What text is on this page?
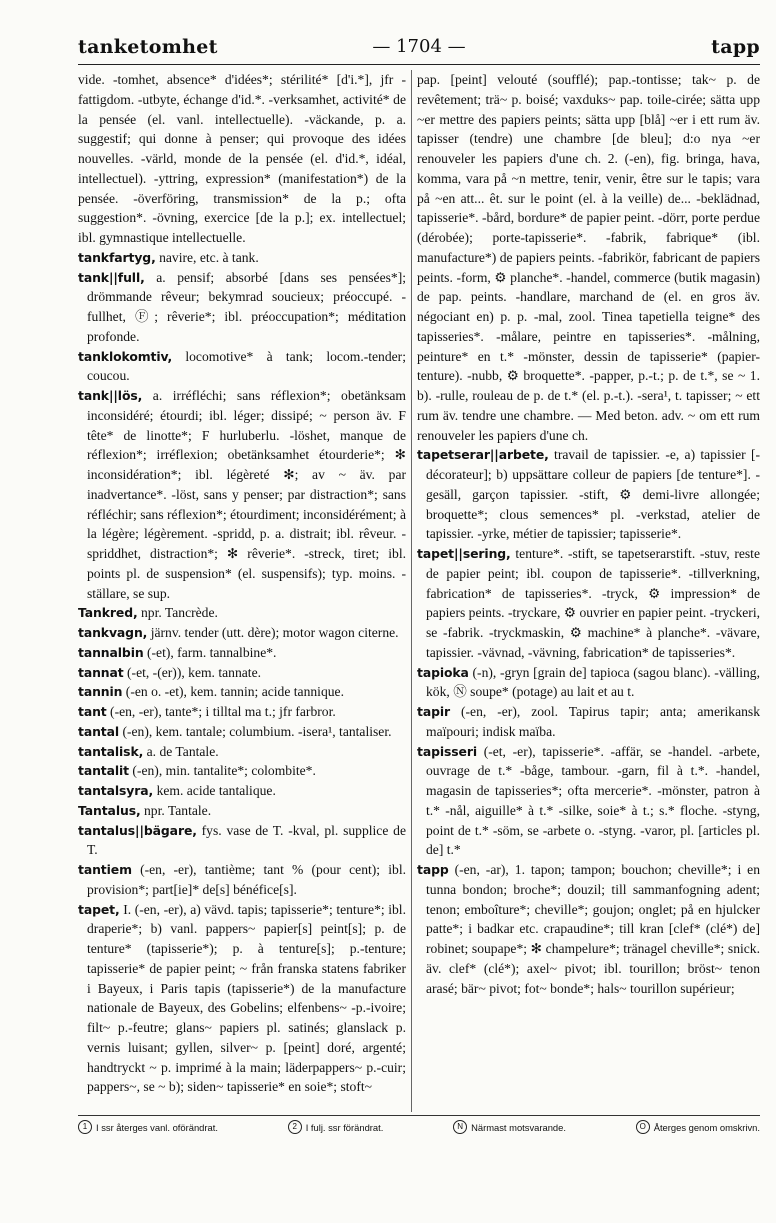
tanketomhet	— 1704 —	tapp

vide. -tomhet, absence* d'idées*; stérilité* [d'i.*], jfr -fattigdom. -utbyte, échange d'id.*. -verksamhet, activité* de la pensée (el. vanl. intellectuelle). -väckande, p. a. suggestif; qui donne à penser; qui provoque des idées nouvelles. -värld, monde de la pensée (el. d'id.*, idéal, intellectuel). -yttring, expression* (manifestation*) de la pensée. -överföring, transmission* de la p.; ofta suggestion*. -övning, exercice [de la p.]; ex. intellectuel; ibl. gymnastique intellectuelle.

tankfartyg, navire, etc. à tank.

tank||full, a. pensif; absorbé [dans ses pensées*]; drömmande rêveur; bekymrad soucieux; préoccupé. -fullhet, Ⓕ; rêverie*; ibl. préoccupation*; méditation profonde.

tanklokomtiv, locomotive* à tank; locom.-tender; coucou.

tank||lös, a. irréfléchi; sans réflexion*; obetänksam inconsidéré; étourdi; ibl. léger; dissipé; ~ person äv. F tête* de linotte*; F hurluberlu. -löshet, manque de réflexion*; irréflexion; obetänksamhet étourderie*; ✻ inconsidération*; ibl. légèreté ✻; av ~ äv. par inadvertance*. -löst, sans y penser; par distraction*; sans réfléchir; sans réflexion*; étourdiment; inconsidérément; à la légère; légèrement. -spridd, p. a. distrait; ibl. rêveur. -spriddhet, distraction*; ✻ rêverie*. -streck, tiret; ibl. points pl. de suspension* (el. suspensifs); typ. moins. -ställare, se sup.

Tankred, npr. Tancrède.

tankvagn, järnv. tender (utt. dère); motor wagon citerne.

tannalbin (-et), farm. tannalbine*.

tannat (-et, -(er)), kem. tannate.

tannin (-en o. -et), kem. tannin; acide tannique.

tant (-en, -er), tante*; i tilltal ma t.; jfr farbror.

tantal (-en), kem. tantale; columbium. -isera¹, tantaliser.

tantalisk, a. de Tantale.

tantalit (-en), min. tantalite*; colombite*.

tantalsyra, kem. acide tantalique.

Tantalus, npr. Tantale.

tantalus||bägare, fys. vase de T. -kval, pl. supplice de T.

tantiem (-en, -er), tantième; tant % (pour cent); ibl. provision*; part[ie]* de[s] bénéfice[s].

tapet, I. (-en, -er), a) vävd. tapis; tapisserie*; tenture*; ibl. draperie*; b) vanl. pappers~ papier[s] peint[s]; p. de tenture* (tapisserie*); p. à tenture[s]; p.-tenture; tapisserie* de papier peint; ~ från franska statens fabriker i Bayeux, i Paris tapis (tapisserie*) de la manufacture nationale de Bayeux, des Gobelins; elfenbens~ -p.-ivoire; filt~ p.-feutre; glans~ papiers pl. satinés; glanslack p. vernis luisant; gyllen, silver~ p. [peint] doré, argenté; handtryckt ~ p. imprimé à la main; läderpappers~ p.-cuir; pappers~, se ~ b); siden~ tapisserie* en soie*; stoft~

pap. [peint] velouté (soufflé); pap.-tontisse; tak~ p. de revêtement; trä~ p. boisé; vaxduks~ pap. toile-cirée; sätta upp ~er mettre des papiers peints; sätta upp [blå] ~er i ett rum äv. tapisser (tendre) une chambre [de bleu]; d:o nya ~er renouveler les papiers d'une ch. 2. (-en), fig. bringa, hava, komma, vara på ~n mettre, tenir, venir, être sur le tapis; vara på ~en att... êt. sur le point (el. à la veille) de... -beklädnad, tapisserie*. -bård, bordure* de papier peint. -dörr, porte perdue (dérobée); porte-tapisserie*. -fabrik, fabrique* (ibl. manufacture*) de papiers peints. -fabrikör, fabricant de papiers peints. -form, ⚙ planche*. -handel, commerce (butik magasin) de pap. peints. -handlare, marchand de (el. en gros äv. négociant en) p. p. -mal, zool. Tinea tapetiella teigne* des tapisseries*. -målare, peintre en tapisseries*. -målning, peinture* en t.* -mönster, dessin de tapisserie* (papier-tenture). -nubb, ⚙ broquette*. -papper, p.-t.; p. de t.*, se ~ 1. b). -rulle, rouleau de p. de t.* (el. p.-t.). -sera¹, t. tapisser; ~ ett rum äv. tendre une chambre. — Med beton. adv. ~ om ett rum renouveler les papiers d'une ch.

tapetserar||arbete, travail de tapissier. -e, a) tapissier [-décorateur]; b) uppsättare colleur de papiers [de tenture*]. -gesäll, garçon tapissier. -stift, ⚙ demi-livre allongée; broquette*; clous semences* pl. -verkstad, atelier de tapissier. -yrke, métier de tapissier; tapisserie*.

tapet||sering, tenture*. -stift, se tapetserarstift. -stuv, reste de papier peint; ibl. coupon de tapisserie*. -tillverkning, fabrication* de tapisseries*. -tryck, ⚙ impression* de papiers peints. -tryckare, ⚙ ouvrier en papier peint. -tryckeri, se -fabrik. -tryckmaskin, ⚙ machine* à planche*. -vävare, tapissier. -vävnad, -vävning, fabrication* de tapisseries*.

tapioka (-n), -gryn [grain de] tapioca (sagou blanc). -välling, kök, Ⓝ soupe* (potage) au lait et au t.

tapir (-en, -er), zool. Tapirus tapir; anta; amerikansk maïpouri; indisk maïba.

tapisseri (-et, -er), tapisserie*. -affär, se -handel. -arbete, ouvrage de t.* -båge, tambour. -garn, fil à t.*. -handel, magasin de tapisseries*; ofta mercerie*. -mönster, patron à t.* -nål, aiguille* à t.* -silke, soie* à t.; s.* floche. -styng, point de t.* -söm, se -arbete o. -styng. -varor, pl. [articles pl. de] t.*

tapp (-en, -ar), 1. tapon; tampon; bouchon; cheville*; i en tunna bondon; broche*; douzil; till sammanfogning adent; tenon; emboîture*; cheville*; goujon; onglet; på en hjulcker patte*; i badkar etc. crapaudine*; till kran [clef* (clé*) de] robinet; soupape*; ✻ champelure*; tränagel cheville*; snick. äv. clef* (clé*); axel~ pivot; ibl. tourillon; bröst~ tenon arasé; bär~ pivot; fot~ bonde*; hals~ tourillon supérieur;

1 I ssr återges vanl. oförändrat.	2 I fulj. ssr förändrat.	N Närmast motsvarande.	O Återges genom omskrivn.
